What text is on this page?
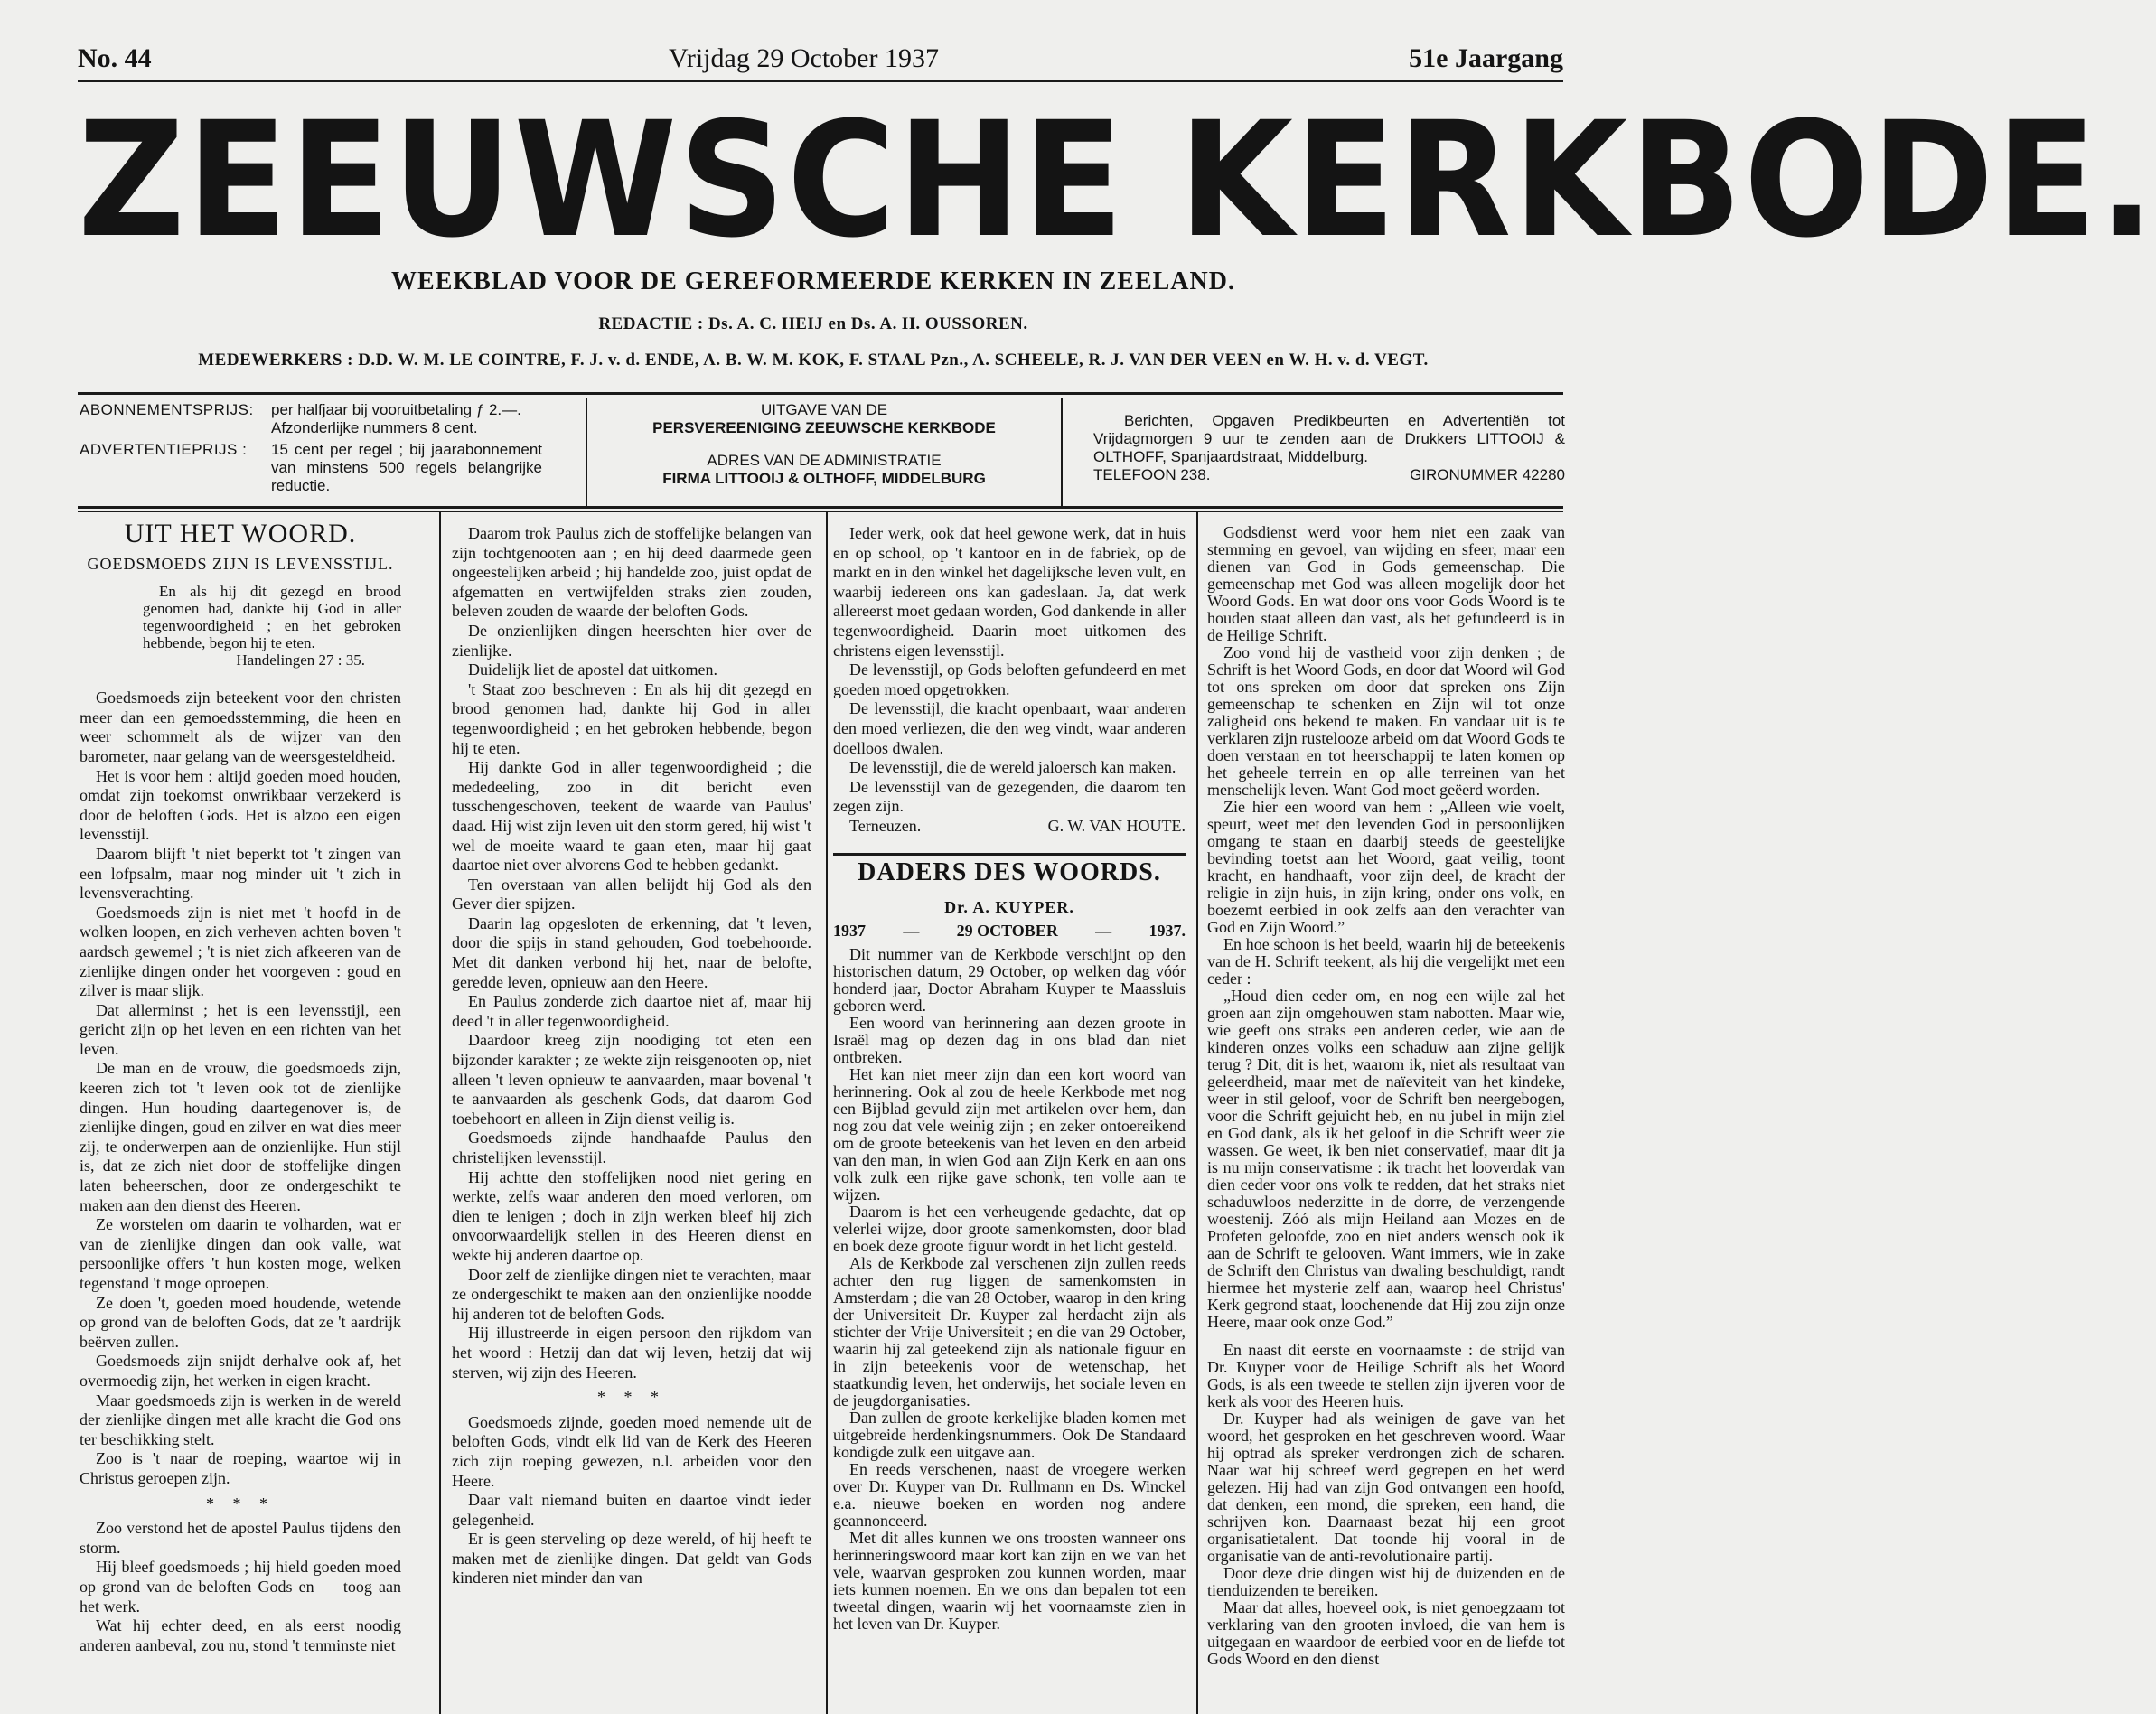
No. 44	Vrijdag 29 October 1937	51e Jaargang
ZEEUWSCHE KERKBODE.
WEEKBLAD VOOR DE GEREFORMEERDE KERKEN IN ZEELAND.
REDACTIE : Ds. A. C. HEIJ en Ds. A. H. OUSSOREN.
MEDEWERKERS : D.D. W. M. LE COINTRE, F. J. v. d. ENDE, A. B. W. M. KOK, F. STAAL Pzn., A. SCHEELE, R. J. VAN DER VEEN en W. H. v. d. VEGT.
ABONNEMENTSPRIJS:	per halfjaar bij vooruitbetaling ƒ 2.—. Afzonderlijke nummers 8 cent.
ADVERTENTIEPRIJS :	15 cent per regel ; bij jaarabonnement van minstens 500 regels belangrijke reductie.
UITGAVE VAN DE
PERSVEREENIGING ZEEUWSCHE KERKBODE
ADRES VAN DE ADMINISTRATIE
FIRMA LITTOOIJ & OLTHOFF, MIDDELBURG
Berichten, Opgaven Predikbeurten en Advertentiën tot Vrijdagmorgen 9 uur te zenden aan de Drukkers LITTOOIJ & OLTHOFF, Spanjaardstraat, Middelburg.
TELEFOON 238.	GIRONUMMER 42280
UIT HET WOORD.
GOEDSMOEDS ZIJN IS LEVENSSTIJL.

En als hij dit gezegd en brood genomen had, dankte hij God in aller tegenwoordigheid ; en het gebroken hebbende, begon hij te eten.

Handelingen 27 : 35.

Goedsmoeds zijn beteekent voor den christen meer dan een gemoedsstemming, die heen en weer schommelt als de wijzer van den barometer, naar gelang van de weersgesteldheid.

Het is voor hem : altijd goeden moed houden, omdat zijn toekomst onwrikbaar verzekerd is door de beloften Gods. Het is alzoo een eigen levensstijl.

Daarom blijft 't niet beperkt tot 't zingen van een lofpsalm, maar nog minder uit 't zich in levensverachting.

Goedsmoeds zijn is niet met 't hoofd in de wolken loopen, en zich verheven achten boven 't aardsch gewemel ; 't is niet zich afkeeren van de zienlijke dingen onder het voorgeven : goud en zilver is maar slijk.

Dat allerminst ; het is een levensstijl, een gericht zijn op het leven en een richten van het leven.

De man en de vrouw, die goedsmoeds zijn, keeren zich tot 't leven ook tot de zienlijke dingen. Hun houding daartegenover is, de zienlijke dingen, goud en zilver en wat dies meer zij, te onderwerpen aan de onzienlijke. Hun stijl is, dat ze zich niet door de stoffelijke dingen laten beheerschen, door ze ondergeschikt te maken aan den dienst des Heeren.

Ze worstelen om daarin te volharden, wat er van de zienlijke dingen dan ook valle, wat persoonlijke offers 't hun kosten moge, welken tegenstand 't moge oproepen.

Ze doen 't, goeden moed houdende, wetende op grond van de beloften Gods, dat ze 't aardrijk beërven zullen.

Goedsmoeds zijn snijdt derhalve ook af, het overmoedig zijn, het werken in eigen kracht.

Maar goedsmoeds zijn is werken in de wereld der zienlijke dingen met alle kracht die God ons ter beschikking stelt.

Zoo is 't naar de roeping, waartoe wij in Christus geroepen zijn.

* * *

Zoo verstond het de apostel Paulus tijdens den storm.

Hij bleef goedsmoeds ; hij hield goeden moed op grond van de beloften Gods en — toog aan het werk.

Wat hij echter deed, en als eerst noodig anderen aanbeval, zou nu, stond 't tenminste niet

Daarom trok Paulus zich de stoffelijke belangen van zijn tochtgenooten aan ; en hij deed daarmede geen ongeestelijken arbeid ; hij handelde zoo, juist opdat de afgematten en vertwijfelden straks zien zouden, beleven zouden de waarde der beloften Gods.

De onzienlijken dingen heerschten hier over de zienlijke.

Duidelijk liet de apostel dat uitkomen.

't Staat zoo beschreven : En als hij dit gezegd en brood genomen had, dankte hij God in aller tegenwoordigheid ; en het gebroken hebbende, begon hij te eten.

Hij dankte God in aller tegenwoordigheid ; die mededeeling, zoo in dit bericht even tusschengeschoven, teekent de waarde van Paulus' daad. Hij wist zijn leven uit den storm gered, hij wist 't wel de moeite waard te gaan eten, maar hij gaat daartoe niet over alvorens God te hebben gedankt.

Ten overstaan van allen belijdt hij God als den Gever dier spijzen.

Daarin lag opgesloten de erkenning, dat 't leven, door die spijs in stand gehouden, God toebehoorde. Met dit danken verbond hij het, naar de belofte, geredde leven, opnieuw aan den Heere.

En Paulus zonderde zich daartoe niet af, maar hij deed 't in aller tegenwoordigheid.

Daardoor kreeg zijn noodiging tot eten een bijzonder karakter ; ze wekte zijn reisgenooten op, niet alleen 't leven opnieuw te aanvaarden, maar bovenal 't te aanvaarden als geschenk Gods, dat daarom God toebehoort en alleen in Zijn dienst veilig is.

Goedsmoeds zijnde handhaafde Paulus den christelijken levensstijl.

Hij achtte den stoffelijken nood niet gering en werkte, zelfs waar anderen den moed verloren, om dien te lenigen ; doch in zijn werken bleef hij zich onvoorwaardelijk stellen in des Heeren dienst en wekte hij anderen daartoe op.

Door zelf de zienlijke dingen niet te verachten, maar ze ondergeschikt te maken aan den onzienlijke noodde hij anderen tot de beloften Gods.

Hij illustreerde in eigen persoon den rijkdom van het woord : Hetzij dan dat wij leven, hetzij dat wij sterven, wij zijn des Heeren.

* * *

Goedsmoeds zijnde, goeden moed nemende uit de beloften Gods, vindt elk lid van de Kerk des Heeren zich zijn roeping gewezen, n.l. arbeiden voor den Heere.

Daar valt niemand buiten en daartoe vindt ieder gelegenheid.

Er is geen sterveling op deze wereld, of hij heeft te maken met de zienlijke dingen. Dat geldt van Gods kinderen niet minder dan van

Ieder werk, ook dat heel gewone werk, dat in huis en op school, op 't kantoor en in de fabriek, op de markt en in den winkel het dagelijksche leven vult, en waarbij iedereen ons kan gadeslaan. Ja, dat werk allereerst moet gedaan worden, God dankende in aller tegenwoordigheid. Daarin moet uitkomen des christens eigen levensstijl.

De levensstijl, op Gods beloften gefundeerd en met goeden moed opgetrokken.

De levensstijl, die kracht openbaart, waar anderen den moed verliezen, die den weg vindt, waar anderen doelloos dwalen.

De levensstijl, die de wereld jaloersch kan maken.

De levensstijl van de gezegenden, die daarom ten zegen zijn.

Terneuzen.	G. W. VAN HOUTE.

DADERS DES WOORDS.
Dr. A. KUYPER.
1937 — 29 OCTOBER — 1937.

Dit nummer van de Kerkbode verschijnt op den historischen datum, 29 October, op welken dag vóór honderd jaar, Doctor Abraham Kuyper te Maassluis geboren werd.

Een woord van herinnering aan dezen groote in Israël mag op dezen dag in ons blad dan niet ontbreken.

Het kan niet meer zijn dan een kort woord van herinnering. Ook al zou de heele Kerkbode met nog een Bijblad gevuld zijn met artikelen over hem, dan nog zou dat vele weinig zijn ; en zeker ontoereikend om de groote beteekenis van het leven en den arbeid van den man, in wien God aan Zijn Kerk en aan ons volk zulk een rijke gave schonk, ten volle aan te wijzen.

Daarom is het een verheugende gedachte, dat op velerlei wijze, door groote samenkomsten, door blad en boek deze groote figuur wordt in het licht gesteld.

Als de Kerkbode zal verschenen zijn zullen reeds achter den rug liggen de samenkomsten in Amsterdam ; die van 28 October, waarop in den kring der Universiteit Dr. Kuyper zal herdacht zijn als stichter der Vrije Universiteit ; en die van 29 October, waarin hij zal geteekend zijn als nationale figuur en in zijn beteekenis voor de wetenschap, het staatkundig leven, het onderwijs, het sociale leven en de jeugdorganisaties.

Dan zullen de groote kerkelijke bladen komen met uitgebreide herdenkingsnummers. Ook De Standaard kondigde zulk een uitgave aan.

En reeds verschenen, naast de vroegere werken over Dr. Kuyper van Dr. Rullmann en Ds. Winckel e.a. nieuwe boeken en worden nog andere geannonceerd.

Met dit alles kunnen we ons troosten wanneer ons herinneringswoord maar kort kan zijn en we van het vele, waarvan gesproken zou kunnen worden, maar iets kunnen noemen. En we ons dan bepalen tot een tweetal dingen, waarin wij het voornaamste zien in het leven van Dr. Kuyper.

Godsdienst werd voor hem niet een zaak van stemming en gevoel, van wijding en sfeer, maar een dienen van God in Gods gemeenschap. Die gemeenschap met God was alleen mogelijk door het Woord Gods. En wat door ons voor Gods Woord is te houden staat alleen dan vast, als het gefundeerd is in de Heilige Schrift.

Zoo vond hij de vastheid voor zijn denken ; de Schrift is het Woord Gods, en door dat Woord wil God tot ons spreken om door dat spreken ons Zijn gemeenschap te schenken en Zijn wil tot onze zaligheid ons bekend te maken. En vandaar uit is te verklaren zijn rustelooze arbeid om dat Woord Gods te doen verstaan en tot heerschappij te laten komen op het geheele terrein en op alle terreinen van het menschelijk leven. Want God moet geëerd worden.

Zie hier een woord van hem : „Alleen wie voelt, speurt, weet met den levenden God in persoonlijken omgang te staan en daarbij steeds de geestelijke bevinding toetst aan het Woord, gaat veilig, toont kracht, en handhaaft, voor zijn deel, de kracht der religie in zijn huis, in zijn kring, onder ons volk, en boezemt eerbied in ook zelfs aan den verachter van God en Zijn Woord.”

En hoe schoon is het beeld, waarin hij de beteekenis van de H. Schrift teekent, als hij die vergelijkt met een ceder :

„Houd dien ceder om, en nog een wijle zal het groen aan zijn omgehouwen stam nabotten. Maar wie, wie geeft ons straks een anderen ceder, wie aan de kinderen onzes volks een schaduw aan zijne gelijk terug ? Dit, dit is het, waarom ik, niet als resultaat van geleerdheid, maar met de naïeviteit van het kindeke, weer in stil geloof, voor de Schrift ben neergebogen, voor die Schrift gejuicht heb, en nu jubel in mijn ziel en God dank, als ik het geloof in die Schrift weer zie wassen. Ge weet, ik ben niet conservatief, maar dit ja is nu mijn conservatisme : ik tracht het looverdak van dien ceder voor ons volk te redden, dat het straks niet schaduwloos nederzitte in de dorre, de verzengende woestenij. Zóó als mijn Heiland aan Mozes en de Profeten geloofde, zoo en niet anders wensch ook ik aan de Schrift te gelooven. Want immers, wie in zake de Schrift den Christus van dwaling beschuldigt, randt hiermee het mysterie zelf aan, waarop heel Christus' Kerk gegrond staat, loochenende dat Hij zou zijn onze Heere, maar ook onze God.”

En naast dit eerste en voornaamste : de strijd van Dr. Kuyper voor de Heilige Schrift als het Woord Gods, is als een tweede te stellen zijn ijveren voor de kerk als voor des Heeren huis.

Dr. Kuyper had als weinigen de gave van het woord, het gesproken en het geschreven woord. Waar hij optrad als spreker verdrongen zich de scharen. Naar wat hij schreef werd gegrepen en het werd gelezen. Hij had van zijn God ontvangen een hoofd, dat denken, een mond, die spreken, een hand, die schrijven kon. Daarnaast bezat hij een groot organisatietalent. Dat toonde hij vooral in de organisatie van de anti-revolutionaire partij.

Door deze drie dingen wist hij de duizenden en de tienduizenden te bereiken.

Maar dat alles, hoeveel ook, is niet genoegzaam tot verklaring van den grooten invloed, die van hem is uitgegaan en waardoor de eerbied voor en de liefde tot Gods Woord en den dienst
